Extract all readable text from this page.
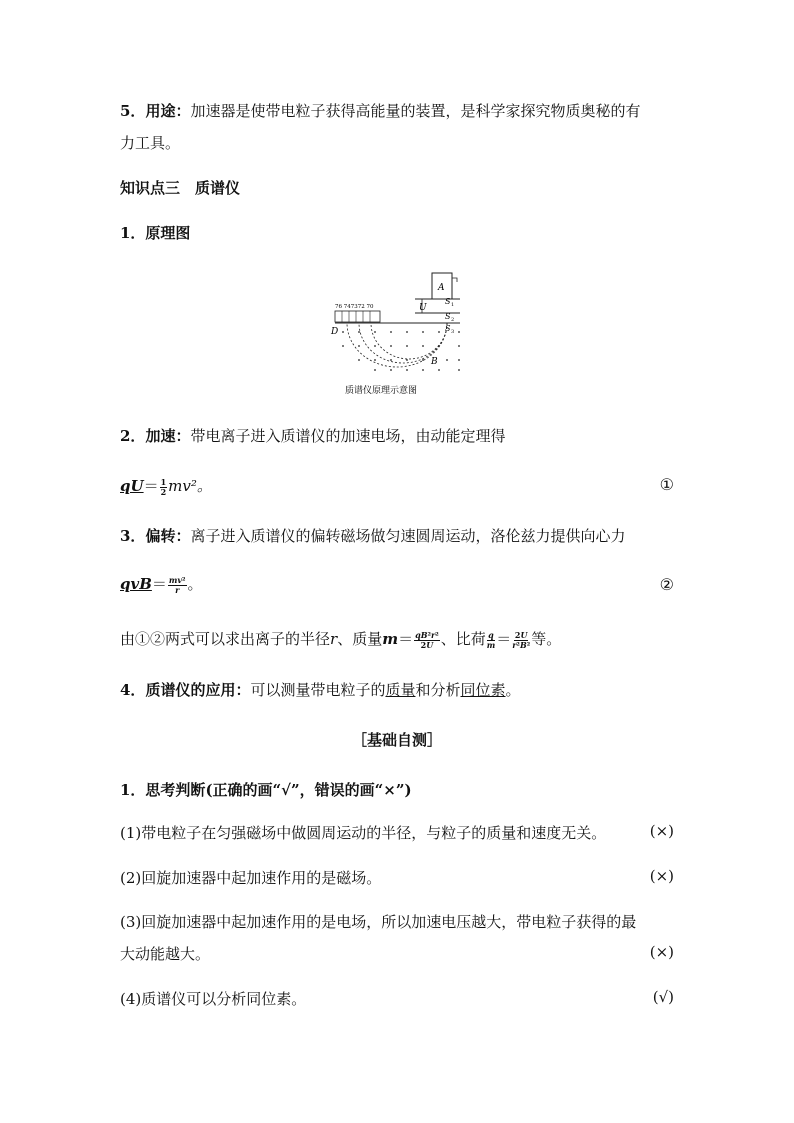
5．用途：加速器是使带电粒子获得高能量的装置，是科学家探究物质奥秘的有
力工具。
知识点三　质谱仪
1．原理图
A
U
S 1
S 2
S 3
76 747372 70
D
B
质谱仪原理示意图
2．加速：带电离子进入质谱仪的加速电场，由动能定理得
$qU= \frac{1}{2} mv^2$。	①
3．偏转：离子进入质谱仪的偏转磁场做匀速圆周运动，洛伦兹力提供向心力
$qvB= \frac{\text{mv²}}{r}$ 。	②
由①②两式可以求出离子的半径r、质量$m= \frac{\text{qB²r²}}{2U}$ 、比荷 $\frac{q}{m} = \frac{2U}{\text{r²B²}}$ 等。
4．质谱仪的应用：可以测量带电粒子的质量和分析同位素。
［基础自测］
1．思考判断(正确的画“√”，错误的画“×”)
(1)带电粒子在匀强磁场中做圆周运动的半径，与粒子的质量和速度无关。	(×)
(2)回旋加速器中起加速作用的是磁场。	(×)
(3)回旋加速器中起加速作用的是电场，所以加速电压越大，带电粒子获得的最
大动能越大。	(×)
(4)质谱仪可以分析同位素。	(√)
